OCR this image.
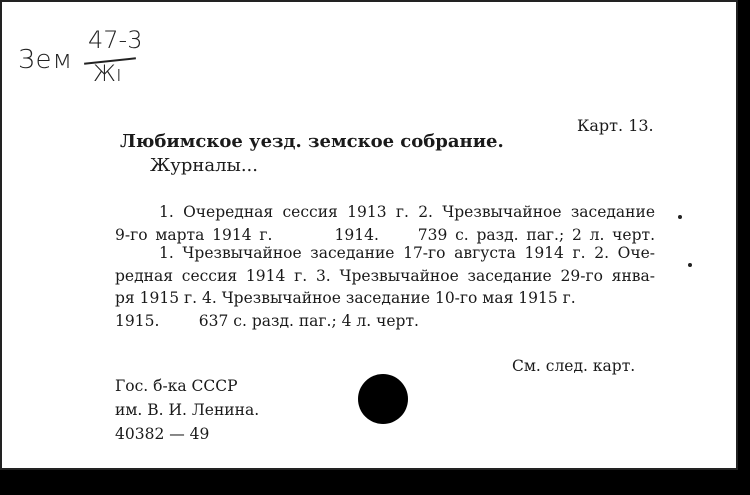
Зем
47-3
Жı
Карт. 13.
Любимское уезд. земское собрание.
Журналы...
1. Очередная сессия 1913 г. 2. Чрезвычайное заседание
9-го марта 1914 г.        1914.     739 с. разд. паг.; 2 л. черт.
1. Чрезвычайное заседание 17-го августа 1914 г. 2. Оче-
редная сессия 1914 г. 3. Чрезвычайное заседание 29-го янва-
ря 1915 г. 4. Чрезвычайное заседание 10-го мая 1915 г.
1915.        637 с. разд. паг.; 4 л. черт.
См. след. карт.
Гос. б-ка СССР
им. В. И. Ленина.
40382 — 49
